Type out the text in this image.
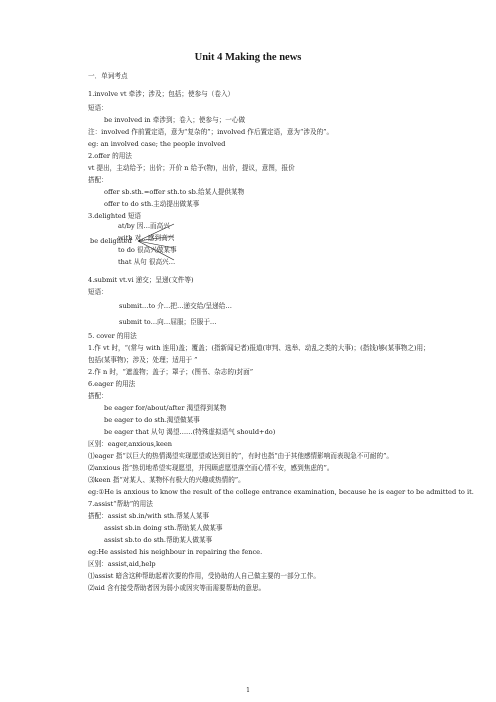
Unit 4 Making the news
一．单词考点
1.involve vt 牵涉；涉及；包括；使参与（卷入）
短语：
be involved in 牵涉到；卷入；使参与；一心做
注：involved 作前置定语，意为“复杂的”；involved 作后置定语，意为“涉及的”。
eg: an involved case; the people involved
2.offer 的用法
vt 提出，主动给予；出价；开价 n 给予(物)，出价，提议，意图，报价
搭配：
offer sb.sth.=offer sth.to sb.给某人提供某物
offer to do sth.主动提出做某事
3.delighted 短语
be delighted
at/by 因…而高兴
with 对…感到高兴
to do 很高兴做某事
that 从句 很高兴…
4.submit vt.vi 递交；呈递(文件等)
短语：
submit…to 介…把…递交给/呈递给…
submit to…向…屈服；臣服于…
5. cover 的用法
1.作 vt 时，“(常与 with 连用)盖；覆盖；(指新闻记者)报道(审判、选举、动乱之类的大事)；(指钱)够(某事物之)用；
包括(某事物)；涉及；处理；适用于 ”
2.作 n 时，“遮盖物；盖子；罩子；(图书、杂志的)封面”
6.eager 的用法
搭配：
be eager for/about/after 渴望得到某物
be eager to do sth.渴望做某事
be eager that 从句 渴望……(特殊虚拟语气 should+do)
区别：eager,anxious,keen
⑴eager 指“以巨大的热情渴望实现愿望或达到目的”，有时也指“由于其他感情影响而表现急不可耐的”。
⑵anxious 指“热切地希望实现愿望，并因顾虑愿望落空而心情不安，感到焦虑的”。
⑶keen 指“对某人、某物怀有极大的兴趣或热情的”。
eg:①He is anxious to know the result of the college entrance examination, because he is eager to be admitted to it.
7.assist“帮助”的用法
搭配：assist sb.in/with sth.帮某人某事
assist sb.in doing sth.帮助某人做某事
assist sb.to do sth.帮助某人做某事
eg:He assisted his neighbour in repairing the fence.
区别：assist,aid,help
⑴assist 暗含这种帮助起着次要的作用，受协助的人自己做主要的一部分工作。
⑵aid 含有接受帮助者因为弱小或因灾等而需要帮助的意思。
1
